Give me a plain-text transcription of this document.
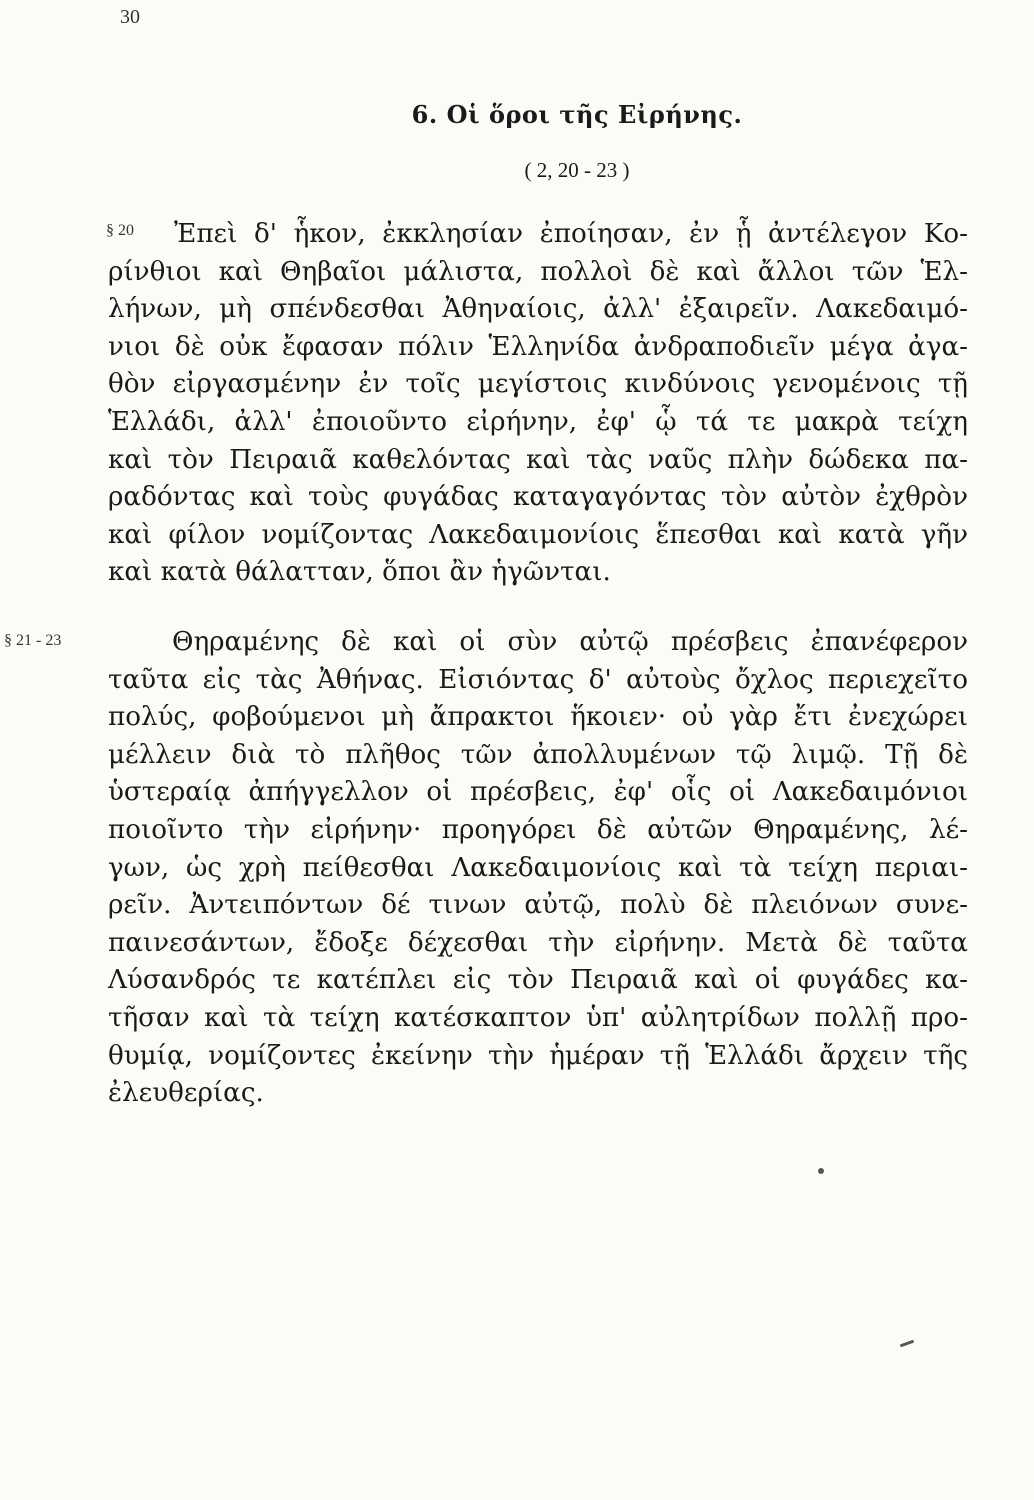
30
6. Οἱ ὅροι τῆς Εἰρήνης.
( 2, 20 - 23 )
§ 20	Ἐπεὶ δ' ἧκον, ἐκκλησίαν ἐποίησαν, ἐν ᾗ ἀντέλεγον Κο-
ρίνθιοι καὶ Θηβαῖοι μάλιστα, πολλοὶ δὲ καὶ ἄλλοι τῶν Ἑλ-
λήνων, μὴ σπένδεσθαι Ἀθηναίοις, ἀλλ' ἐξαιρεῖν. Λακεδαιμό-
νιοι δὲ οὐκ ἔφασαν πόλιν Ἑλληνίδα ἀνδραποδιεῖν μέγα ἀγα-
θὸν εἰργασμένην ἐν τοῖς μεγίστοις κινδύνοις γενομένοις τῇ
Ἑλλάδι, ἀλλ' ἐποιοῦντο εἰρήνην, ἐφ' ᾧ τά τε μακρὰ τείχη
καὶ τὸν Πειραιᾶ καθελόντας καὶ τὰς ναῦς πλὴν δώδεκα πα-
ραδόντας καὶ τοὺς φυγάδας καταγαγόντας τὸν αὐτὸν ἐχθρὸν
καὶ φίλον νομίζοντας Λακεδαιμονίοις ἕπεσθαι καὶ κατὰ γῆν
καὶ κατὰ θάλατταν, ὅποι ἂν ἡγῶνται.
§ 21 - 23	Θηραμένης δὲ καὶ οἱ σὺν αὐτῷ πρέσβεις ἐπανέφερον
ταῦτα εἰς τὰς Ἀθήνας. Εἰσιόντας δ' αὐτοὺς ὄχλος περιεχεῖτο
πολύς, φοβούμενοι μὴ ἄπρακτοι ἥκοιεν· οὐ γὰρ ἔτι ἐνεχώρει
μέλλειν διὰ τὸ πλῆθος τῶν ἀπολλυμένων τῷ λιμῷ. Τῇ δὲ
ὑστεραίᾳ ἀπήγγελλον οἱ πρέσβεις, ἐφ' οἷς οἱ Λακεδαιμόνιοι
ποιοῖντο τὴν εἰρήνην· προηγόρει δὲ αὐτῶν Θηραμένης, λέ-
γων, ὡς χρὴ πείθεσθαι Λακεδαιμονίοις καὶ τὰ τείχη περιαι-
ρεῖν. Ἀντειπόντων δέ τινων αὐτῷ, πολὺ δὲ πλειόνων συνε-
παινεσάντων, ἔδοξε δέχεσθαι τὴν εἰρήνην. Μετὰ δὲ ταῦτα
Λύσανδρός τε κατέπλει εἰς τὸν Πειραιᾶ καὶ οἱ φυγάδες κα-
τῆσαν καὶ τὰ τείχη κατέσκαπτον ὑπ' αὐλητρίδων πολλῇ προ-
θυμίᾳ, νομίζοντες ἐκείνην τὴν ἡμέραν τῇ Ἑλλάδι ἄρχειν τῆς
ἐλευθερίας.
